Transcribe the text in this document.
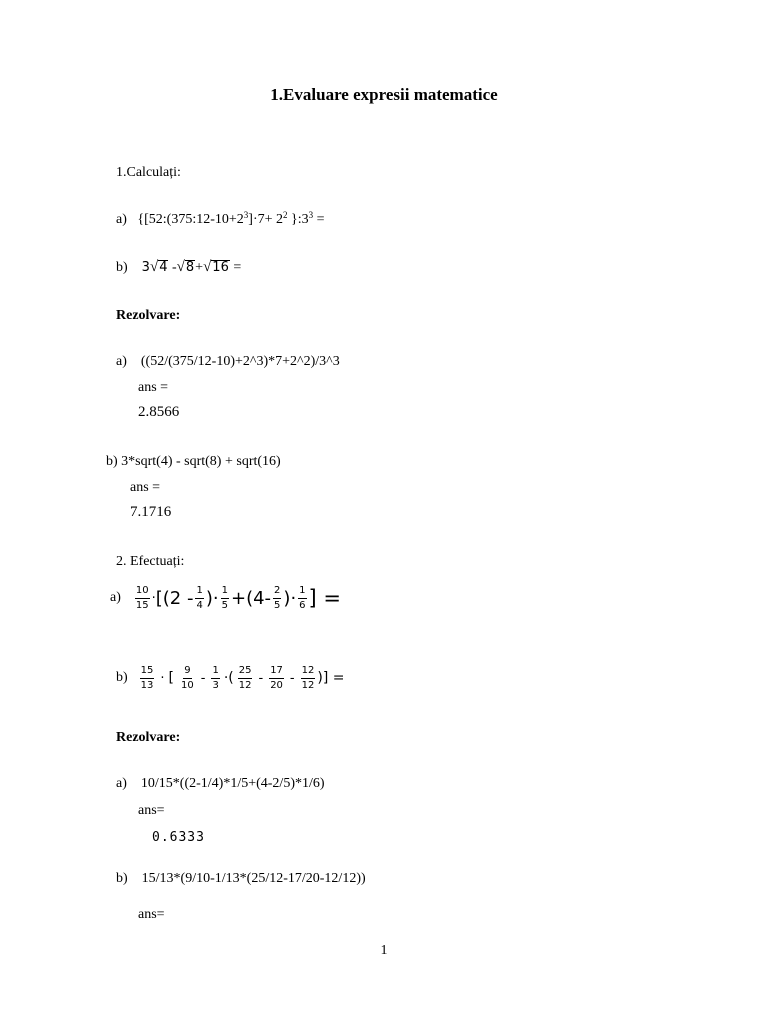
1.Evaluare expresii matematice
1.Calculați:
a) {[$52:(375:12-10+2^3]\cdot 7+ 2^2$ }$:3^3$ =
b) 3√4 -√8+√16 =
Rezolvare:
a) ((52/(375/12-10)+2^3)*7+2^2)/3^3
ans =
2.8566
b) 3*sqrt(4) - sqrt(8) + sqrt(16)
ans =
7.1716
2. Efectuați:
$a) \frac{10}{15} \cdot [(2 - \frac{1}{4}$ )· $\frac{1}{5} +(4- \frac{2}{5}$ )· $\frac{1}{6}$ ] =
$b) \frac{15}{13}$ · [ $\frac{9}{10} - \frac{1}{3}$ ·( $\frac{25}{12} - \frac{17}{20} - \frac{12}{12}$ )] =
Rezolvare:
a) 10/15*((2-1/4)*1/5+(4-2/5)*1/6)
ans=
0.6333
b) 15/13*(9/10-1/13*(25/12-17/20-12/12))
ans=
1
